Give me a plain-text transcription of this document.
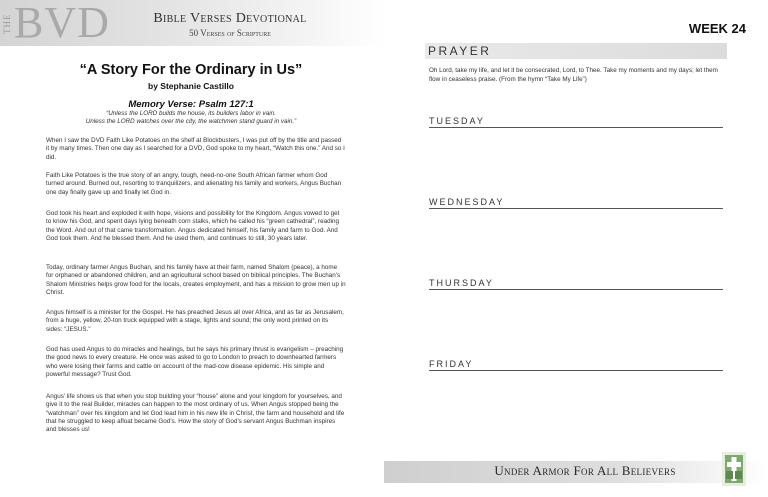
THE BVD	Bible Verses Devotional
50 Verses of Scripture
“A Story For the Ordinary in Us”
by Stephanie Castillo
Memory Verse: Psalm 127:1
“Unless the LORD builds the house, its builders labor in vain.
Unless the LORD watches over the city, the watchmen stand guard in vain.”

When I saw the DVD Faith Like Potatoes on the shelf at Blockbusters, I was put off by the title and passed it by many times. Then one day as I searched for a DVD, God spoke to my heart, “Watch this one.” And so I did.

Faith Like Potatoes is the true story of an angry, tough, need-no-one South African farmer whom God turned around. Burned out, resorting to tranquilizers, and alienating his family and workers, Angus Buchan one day finally gave up and finally let God in.

God took his heart and exploded it with hope, visions and possibility for the Kingdom. Angus vowed to get to know his God, and spent days lying beneath corn stalks, which he called his “green cathedral”, reading the Word. And out of that came transformation. Angus dedicated himself, his family and farm to God. And God took them. And he blessed them. And he used them, and continues to still, 30 years later.

Today, ordinary farmer Angus Buchan, and his family have at their farm, named Shalom (peace), a home for orphaned or abandoned children, and an agricultural school based on biblical principles. The Buchan’s Shalom Ministries helps grow food for the locals, creates employment, and has a mission to grow men up in Christ.

Angus himself is a minister for the Gospel. He has preached Jesus all over Africa, and as far as Jerusalem, from a huge, yellow, 20-ton truck equipped with a stage, lights and sound; the only word printed on its sides: “JESUS.”

God has used Angus to do miracles and healings, but he says his primary thrust is evangelism – preaching the good news to every creature. He once was asked to go to London to preach to downhearted farmers who were losing their farms and cattle on account of the mad-cow disease epidemic. His simple and powerful message? Trust God.

Angus’ life shows us that when you stop building your “house” alone and your kingdom for yourselves, and give it to the real Builder, miracles can happen to the most ordinary of us. When Angus stopped being the “watchman” over his kingdom and let God lead him in his new life in Christ, the farm and household and life that he struggled to keep afloat became God’s. How the story of God’s servant Angus Buchman inspires and blesses us!

WEEK 24
PRAYER
Oh Lord, take my life, and let it be consecrated, Lord, to Thee. Take my moments and my days; let them flow in ceaseless praise. (From the hymn “Take My Life”)
TUESDAY
WEDNESDAY
THURSDAY
FRIDAY
Under Armor For All Believers
